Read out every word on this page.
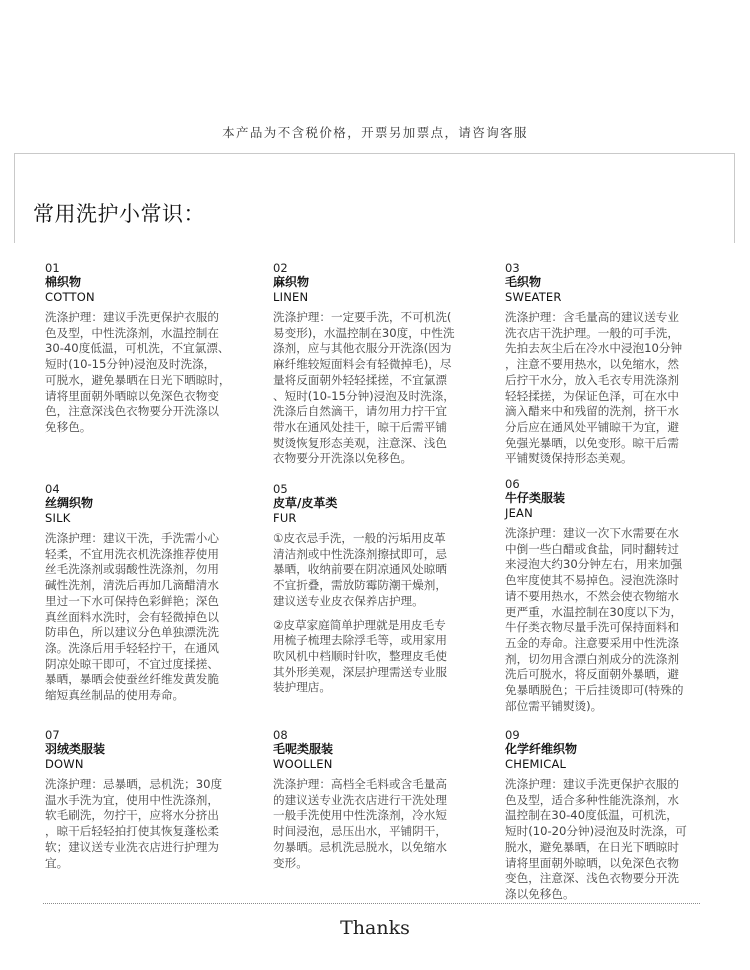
本产品为不含税价格，开票另加票点，请咨询客服
常用洗护小常识：
01
棉织物
COTTON
洗涤护理：建议手洗更保护衣服的
色及型，中性洗涤剂，水温控制在
30-40度低温，可机洗，不宜氯漂、
短时(10-15分钟)浸泡及时洗涤，
可脱水，避免暴晒在日光下晒晾时，
请将里面朝外晒晾以免深色衣物变
色，注意深浅色衣物要分开洗涤以
免移色。
02
麻织物
LINEN
洗涤护理：一定要手洗，不可机洗(
易变形)，水温控制在30度，中性洗
涤剂，应与其他衣服分开洗涤(因为
麻纤维较短面料会有轻微掉毛)，尽
量将反面朝外轻轻揉搓，不宜氯漂
、短时(10-15分钟)浸泡及时洗涤，
洗涤后自然滴干，请勿用力拧干宜
带水在通风处挂干，晾干后需平铺
熨烫恢复形态美观，注意深、浅色
衣物要分开洗涤以免移色。
03
毛织物
SWEATER
洗涤护理：含毛量高的建议送专业
洗衣店干洗护理。一般的可手洗，
先拍去灰尘后在冷水中浸泡10分钟
，注意不要用热水，以免缩水，然
后拧干水分，放入毛衣专用洗涤剂
轻轻揉搓，为保证色泽，可在水中
滴入醋来中和残留的洗剂，挤干水
分后应在通风处平铺晾干为宜，避
免强光暴晒，以免变形。晾干后需
平铺熨烫保持形态美观。
04
丝绸织物
SILK
洗涤护理：建议干洗，手洗需小心
轻柔，不宜用洗衣机洗涤推荐使用
丝毛洗涤剂或弱酸性洗涤剂，勿用
碱性洗剂，清洗后再加几滴醋清水
里过一下水可保持色彩鲜艳；深色
真丝面料水洗时，会有轻微掉色以
防串色，所以建议分色单独漂洗洗
涤。洗涤后用手轻轻拧干，在通风
阴凉处晾干即可，不宜过度揉搓、
暴晒，暴晒会使蚕丝纤维发黄发脆
缩短真丝制品的使用寿命。
05
皮草/皮革类
FUR
①皮衣忌手洗，一般的污垢用皮革
清洁剂或中性洗涤剂擦拭即可，忌
暴晒，收纳前要在阴凉通风处晾晒
不宜折叠，需放防霉防潮干燥剂，
建议送专业皮衣保养店护理。
②皮草家庭简单护理就是用皮毛专
用梳子梳理去除浮毛等，或用家用
吹风机中档顺时针吹，整理皮毛使
其外形美观，深层护理需送专业服
装护理店。
06
牛仔类服装
JEAN
洗涤护理：建议一次下水需要在水
中倒一些白醋或食盐，同时翻转过
来浸泡大约30分钟左右，用来加强
色牢度使其不易掉色。浸泡洗涤时
请不要用热水，不然会使衣物缩水
更严重，水温控制在30度以下为，
牛仔类衣物尽量手洗可保持面料和
五金的寿命。注意要采用中性洗涤
剂，切勿用含漂白剂成分的洗涤剂
洗后可脱水，将反面朝外暴晒，避
免暴晒脱色；干后挂烫即可(特殊的
部位需平铺熨烫)。
07
羽绒类服装
DOWN
洗涤护理：忌暴晒，忌机洗；30度
温水手洗为宜，使用中性洗涤剂，
软毛刷洗，勿拧干，应将水分挤出
，晾干后轻轻拍打使其恢复蓬松柔
软；建议送专业洗衣店进行护理为
宜。
08
毛呢类服装
WOOLLEN
洗涤护理：高档全毛料或含毛量高
的建议送专业洗衣店进行干洗处理
一般手洗使用中性洗涤剂，冷水短
时间浸泡，忌压出水，平铺阴干，
勿暴晒。忌机洗忌脱水，以免缩水
变形。
09
化学纤维织物
CHEMICAL
洗涤护理：建议手洗更保护衣服的
色及型，适合多种性能洗涤剂，水
温控制在30-40度低温，可机洗，
短时(10-20分钟)浸泡及时洗涤，可
脱水，避免暴晒，在日光下晒晾时
请将里面朝外晾晒，以免深色衣物
变色，注意深、浅色衣物要分开洗
涤以免移色。
Thanks
